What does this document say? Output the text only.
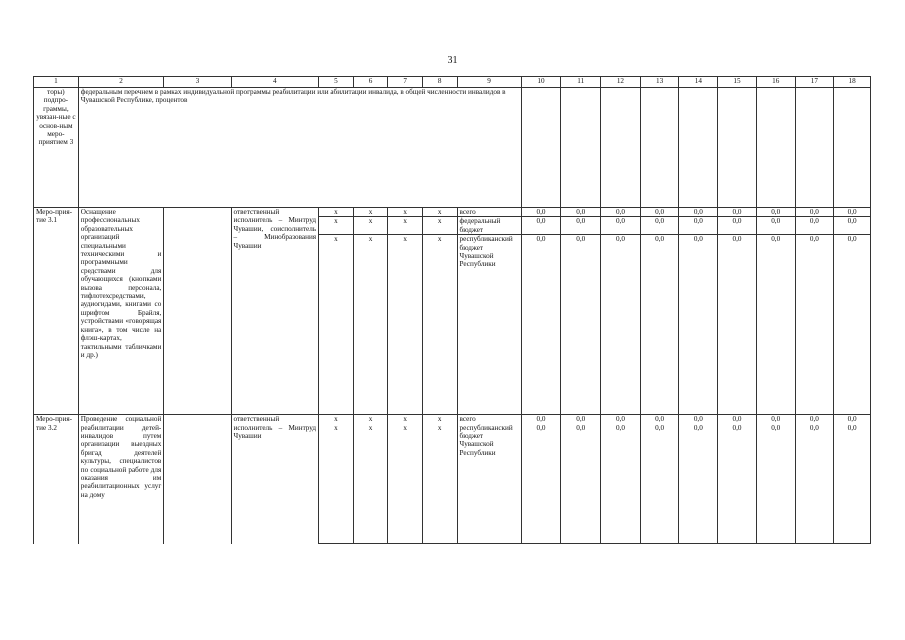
31
1	2	3	4	5	6	7	8	9	10	11	12	13	14	15	16	17	18
торы) подпро-граммы, увязан-ные с основ-ным меро-приятием 3	федеральным перечнем в рамках индивидуальной программы реабилитации или абилитации инвалида, в общей численности инвалидов в Чувашской Республике, процентов																
Меро-прия-тие 3.1	Оснащение профессиональных образовательных организаций специальными техническими и программными средствами для обучающихся (кнопками вызова персонала, тифлотехсредствами, аудиогидами, книгами со шрифтом Брайля, устройствами «говорящая книга», в том числе на флэш-картах, тактильными табличками и др.)		ответственный исполнитель – Минтруд Чувашии, соисполнитель – Минобразования Чувашии	x	x	x	x	всего	0,0	0,0	0,0	0,0	0,0	0,0	0,0	0,0	0,0
				x	x	x	x	федеральный бюджет	0,0	0,0	0,0	0,0	0,0	0,0	0,0	0,0	0,0
				x	x	x	x	республиканский бюджет Чувашской Республики	0,0	0,0	0,0	0,0	0,0	0,0	0,0	0,0	0,0
Меро-прия-тие 3.2	Проведение социальной реабилитации детей-инвалидов путем организации выездных бригад деятелей культуры, специалистов по социальной работе для оказания им реабилитационных услуг на дому		ответственный исполнитель – Минтруд Чувашии	x	x	x	x	всего	0,0	0,0	0,0	0,0	0,0	0,0	0,0	0,0	0,0
				x	x	x	x	республиканский бюджет Чувашской Республики	0,0	0,0	0,0	0,0	0,0	0,0	0,0	0,0	0,0
